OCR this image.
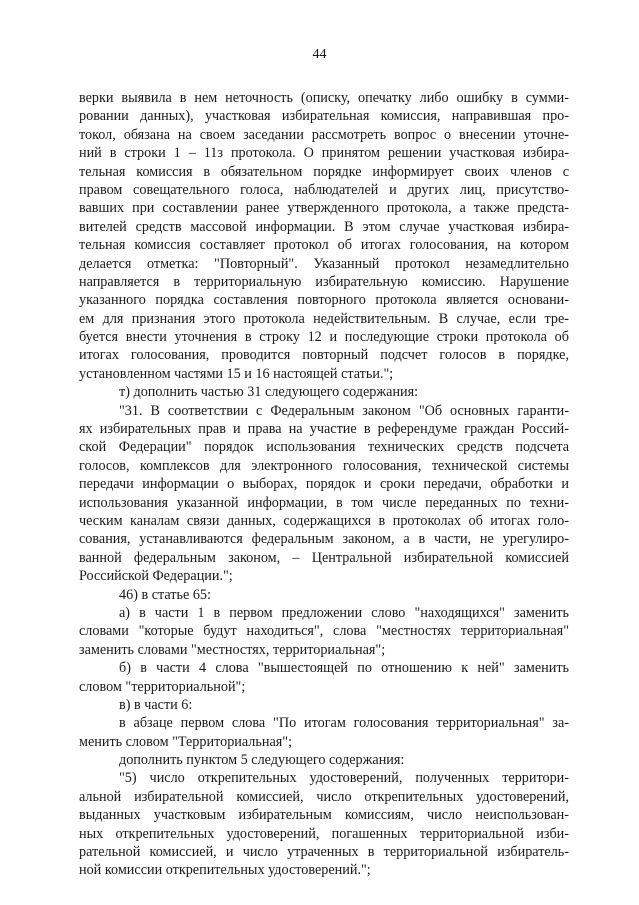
44
верки выявила в нем неточность (описку, опечатку либо ошибку в сумми-
ровании данных), участковая избирательная комиссия, направившая про-
токол, обязана на своем заседании рассмотреть вопрос о внесении уточне-
ний в строки 1 – 11з протокола. О принятом решении участковая избира-
тельная комиссия в обязательном порядке информирует своих членов с
правом совещательного голоса, наблюдателей и других лиц, присутство-
вавших при составлении ранее утвержденного протокола, а также предста-
вителей средств массовой информации. В этом случае участковая избира-
тельная комиссия составляет протокол об итогах голосования, на котором
делается отметка: "Повторный". Указанный протокол незамедлительно
направляется в территориальную избирательную комиссию. Нарушение
указанного порядка составления повторного протокола является основани-
ем для признания этого протокола недействительным. В случае, если тре-
буется внести уточнения в строку 12 и последующие строки протокола об
итогах голосования, проводится повторный подсчет голосов в порядке,
установленном частями 15 и 16 настоящей статьи.";
т) дополнить частью 31 следующего содержания:
"31. В соответствии с Федеральным законом "Об основных гаранти-
ях избирательных прав и права на участие в референдуме граждан Россий-
ской Федерации" порядок использования технических средств подсчета
голосов, комплексов для электронного голосования, технической системы
передачи информации о выборах, порядок и сроки передачи, обработки и
использования указанной информации, в том числе переданных по техни-
ческим каналам связи данных, содержащихся в протоколах об итогах голо-
сования, устанавливаются федеральным законом, а в части, не урегулиро-
ванной федеральным законом, – Центральной избирательной комиссией
Российской Федерации.";
46) в статье 65:
а) в части 1 в первом предложении слово "находящихся" заменить
словами "которые будут находиться", слова "местностях территориальная"
заменить словами "местностях, территориальная";
б) в части 4 слова "вышестоящей по отношению к ней" заменить
словом "территориальной";
в) в части 6:
в абзаце первом слова "По итогам голосования территориальная" за-
менить словом "Территориальная";
дополнить пунктом 5 следующего содержания:
"5) число открепительных удостоверений, полученных территори-
альной избирательной комиссией, число открепительных удостоверений,
выданных участковым избирательным комиссиям, число неиспользован-
ных открепительных удостоверений, погашенных территориальной изби-
рательной комиссией, и число утраченных в территориальной избиратель-
ной комиссии открепительных удостоверений.";
